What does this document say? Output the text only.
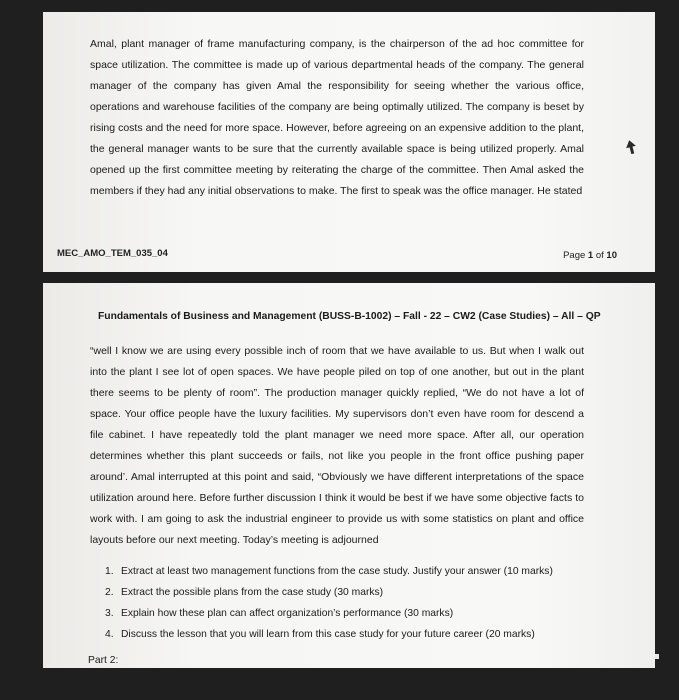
Amal, plant manager of frame manufacturing company, is the chairperson of the ad hoc committee for space utilization. The committee is made up of various departmental heads of the company. The general manager of the company has given Amal the responsibility for seeing whether the various office, operations and warehouse facilities of the company are being optimally utilized. The company is beset by rising costs and the need for more space. However, before agreeing on an expensive addition to the plant, the general manager wants to be sure that the currently available space is being utilized properly. Amal opened up the first committee meeting by reiterating the charge of the committee. Then Amal asked the members if they had any initial observations to make. The first to speak was the office manager. He stated

MEC_AMO_TEM_035_04	Page 1 of 10
Fundamentals of Business and Management (BUSS-B-1002) – Fall - 22 – CW2 (Case Studies) – All – QP

“well I know we are using every possible inch of room that we have available to us. But when I walk out into the plant I see lot of open spaces. We have people piled on top of one another, but out in the plant there seems to be plenty of room”. The production manager quickly replied, “We do not have a lot of space. Your office people have the luxury facilities. My supervisors don’t even have room for descend a file cabinet. I have repeatedly told the plant manager we need more space. After all, our operation determines whether this plant succeeds or fails, not like you people in the front office pushing paper around’. Amal interrupted at this point and said, “Obviously we have different interpretations of the space utilization around here. Before further discussion I think it would be best if we have some objective facts to work with. I am going to ask the industrial engineer to provide us with some statistics on plant and office layouts before our next meeting. Today’s meeting is adjourned

1. Extract at least two management functions from the case study. Justify your answer (10 marks)
2. Extract the possible plans from the case study (30 marks)
3. Explain how these plan can affect organization’s performance (30 marks)
4. Discuss the lesson that you will learn from this case study for your future career (20 marks)
Part 2:
